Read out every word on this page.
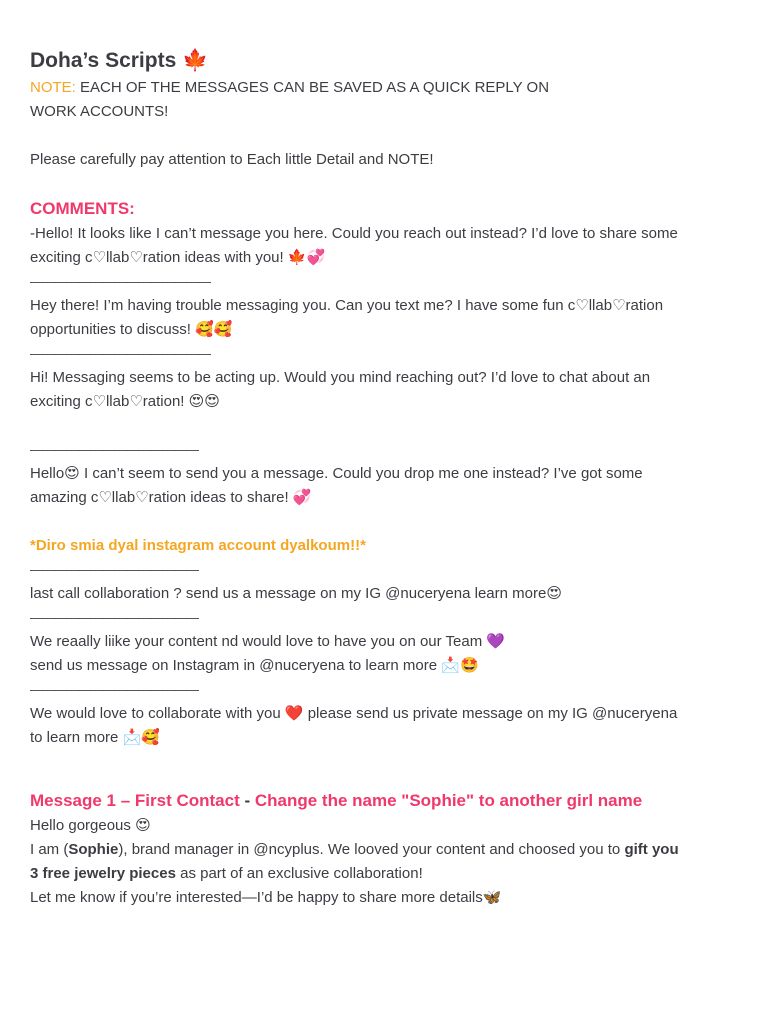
Doha’s Scripts 🍁

NOTE: EACH OF THE MESSAGES CAN BE SAVED AS A QUICK REPLY ON

WORK ACCOUNTS!

Please carefully pay attention to Each little Detail and NOTE!

COMMENTS:

-Hello! It looks like I can’t message you here. Could you reach out instead? I’d love to share some

exciting c♡llab♡ration ideas with you! 🍁💞

———————————————

Hey there! I’m having trouble messaging you. Can you text me? I have some fun c♡llab♡ration

opportunities to discuss! 🥰🥰

———————————————

Hi! Messaging seems to be acting up. Would you mind reaching out? I’d love to chat about an

exciting c♡llab♡ration! 😍😍

——————————————

Hello😍 I can’t seem to send you a message. Could you drop me one instead? I’ve got some

amazing c♡llab♡ration ideas to share! 💞

*Diro smia dyal instagram account dyalkoum!!*

——————————————

last call collaboration ? send us a message on my IG @nuceryena learn more😍

——————————————

We reaally liike your content nd would love to have you on our Team 💜

send us message on Instagram in @nuceryena to learn more 📩🤩

——————————————

We would love to collaborate with you ❤️ please send us private message on my IG @nuceryena

to learn more 📩🥰

Message 1 – First Contact - Change the name "Sophie" to another girl name

Hello gorgeous 😍

I am (Sophie), brand manager in @ncyplus. We looved your content and choosed you to gift you

3 free jewelry pieces as part of an exclusive collaboration!

Let me know if you’re interested—I’d be happy to share more details🦋
